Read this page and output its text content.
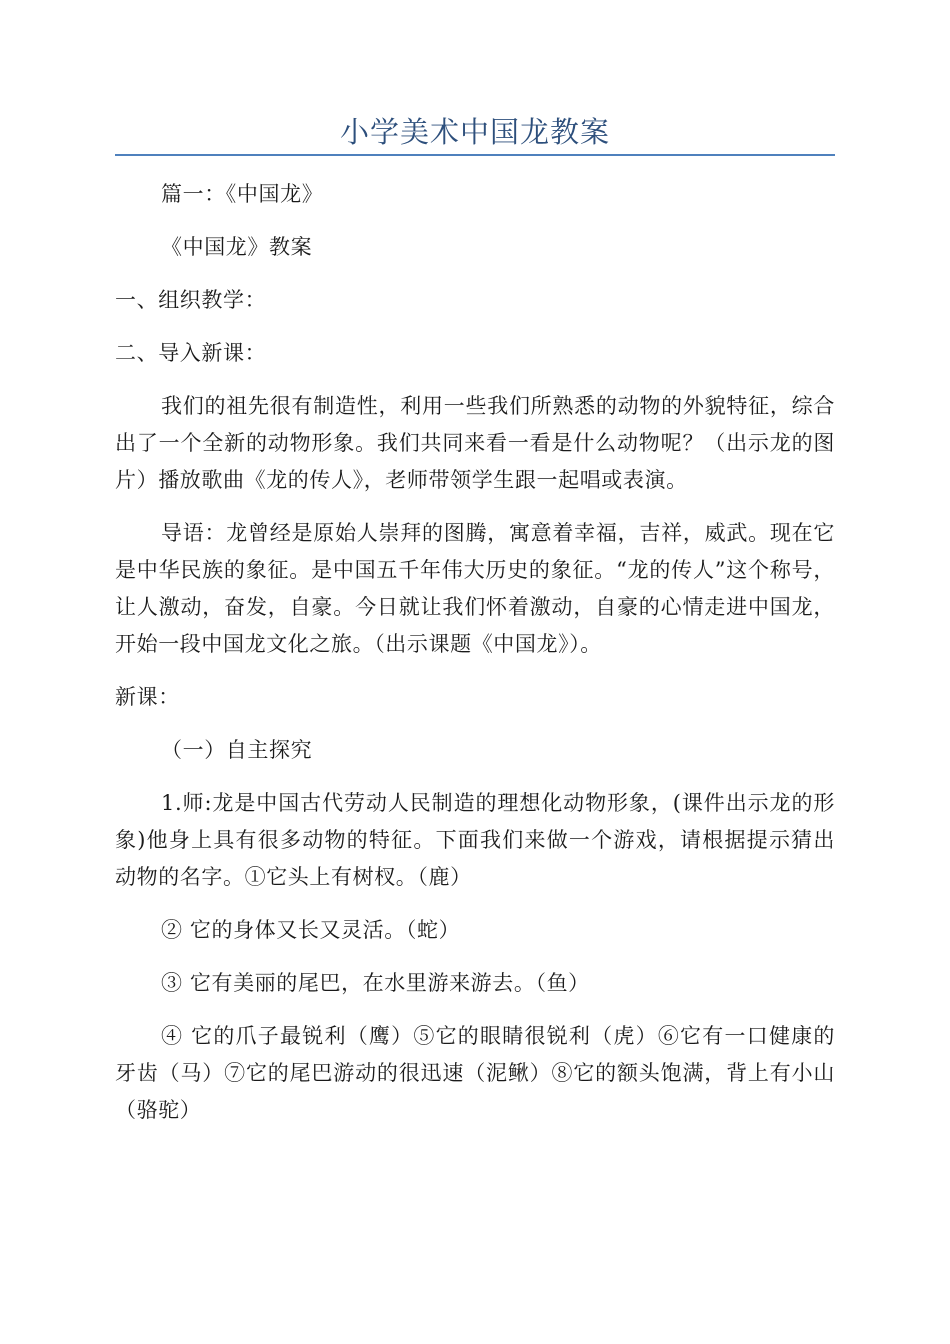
小学美术中国龙教案

篇一：《中国龙》

《中国龙》教案

一、组织教学：

二、导入新课：

我们的祖先很有制造性，利用一些我们所熟悉的动物的外貌特征，综合出了一个全新的动物形象。我们共同来看一看是什么动物呢？（出示龙的图片）播放歌曲《龙的传人》，老师带领学生跟一起唱或表演。

导语：龙曾经是原始人崇拜的图腾，寓意着幸福，吉祥，威武。现在它是中华民族的象征。是中国五千年伟大历史的象征。“龙的传人”这个称号，让人激动，奋发，自豪。今日就让我们怀着激动，自豪的心情走进中国龙，开始一段中国龙文化之旅。（出示课题《中国龙》）。

新课：

（一）自主探究

1.师:龙是中国古代劳动人民制造的理想化动物形象，(课件出示龙的形象)他身上具有很多动物的特征。下面我们来做一个游戏，请根据提示猜出动物的名字。①它头上有树杈。（鹿）

② 它的身体又长又灵活。（蛇）

③ 它有美丽的尾巴，在水里游来游去。（鱼）

④ 它的爪子最锐利（鹰）⑤它的眼睛很锐利（虎）⑥它有一口健康的牙齿（马）⑦它的尾巴游动的很迅速（泥鳅）⑧它的额头饱满，背上有小山（骆驼）
